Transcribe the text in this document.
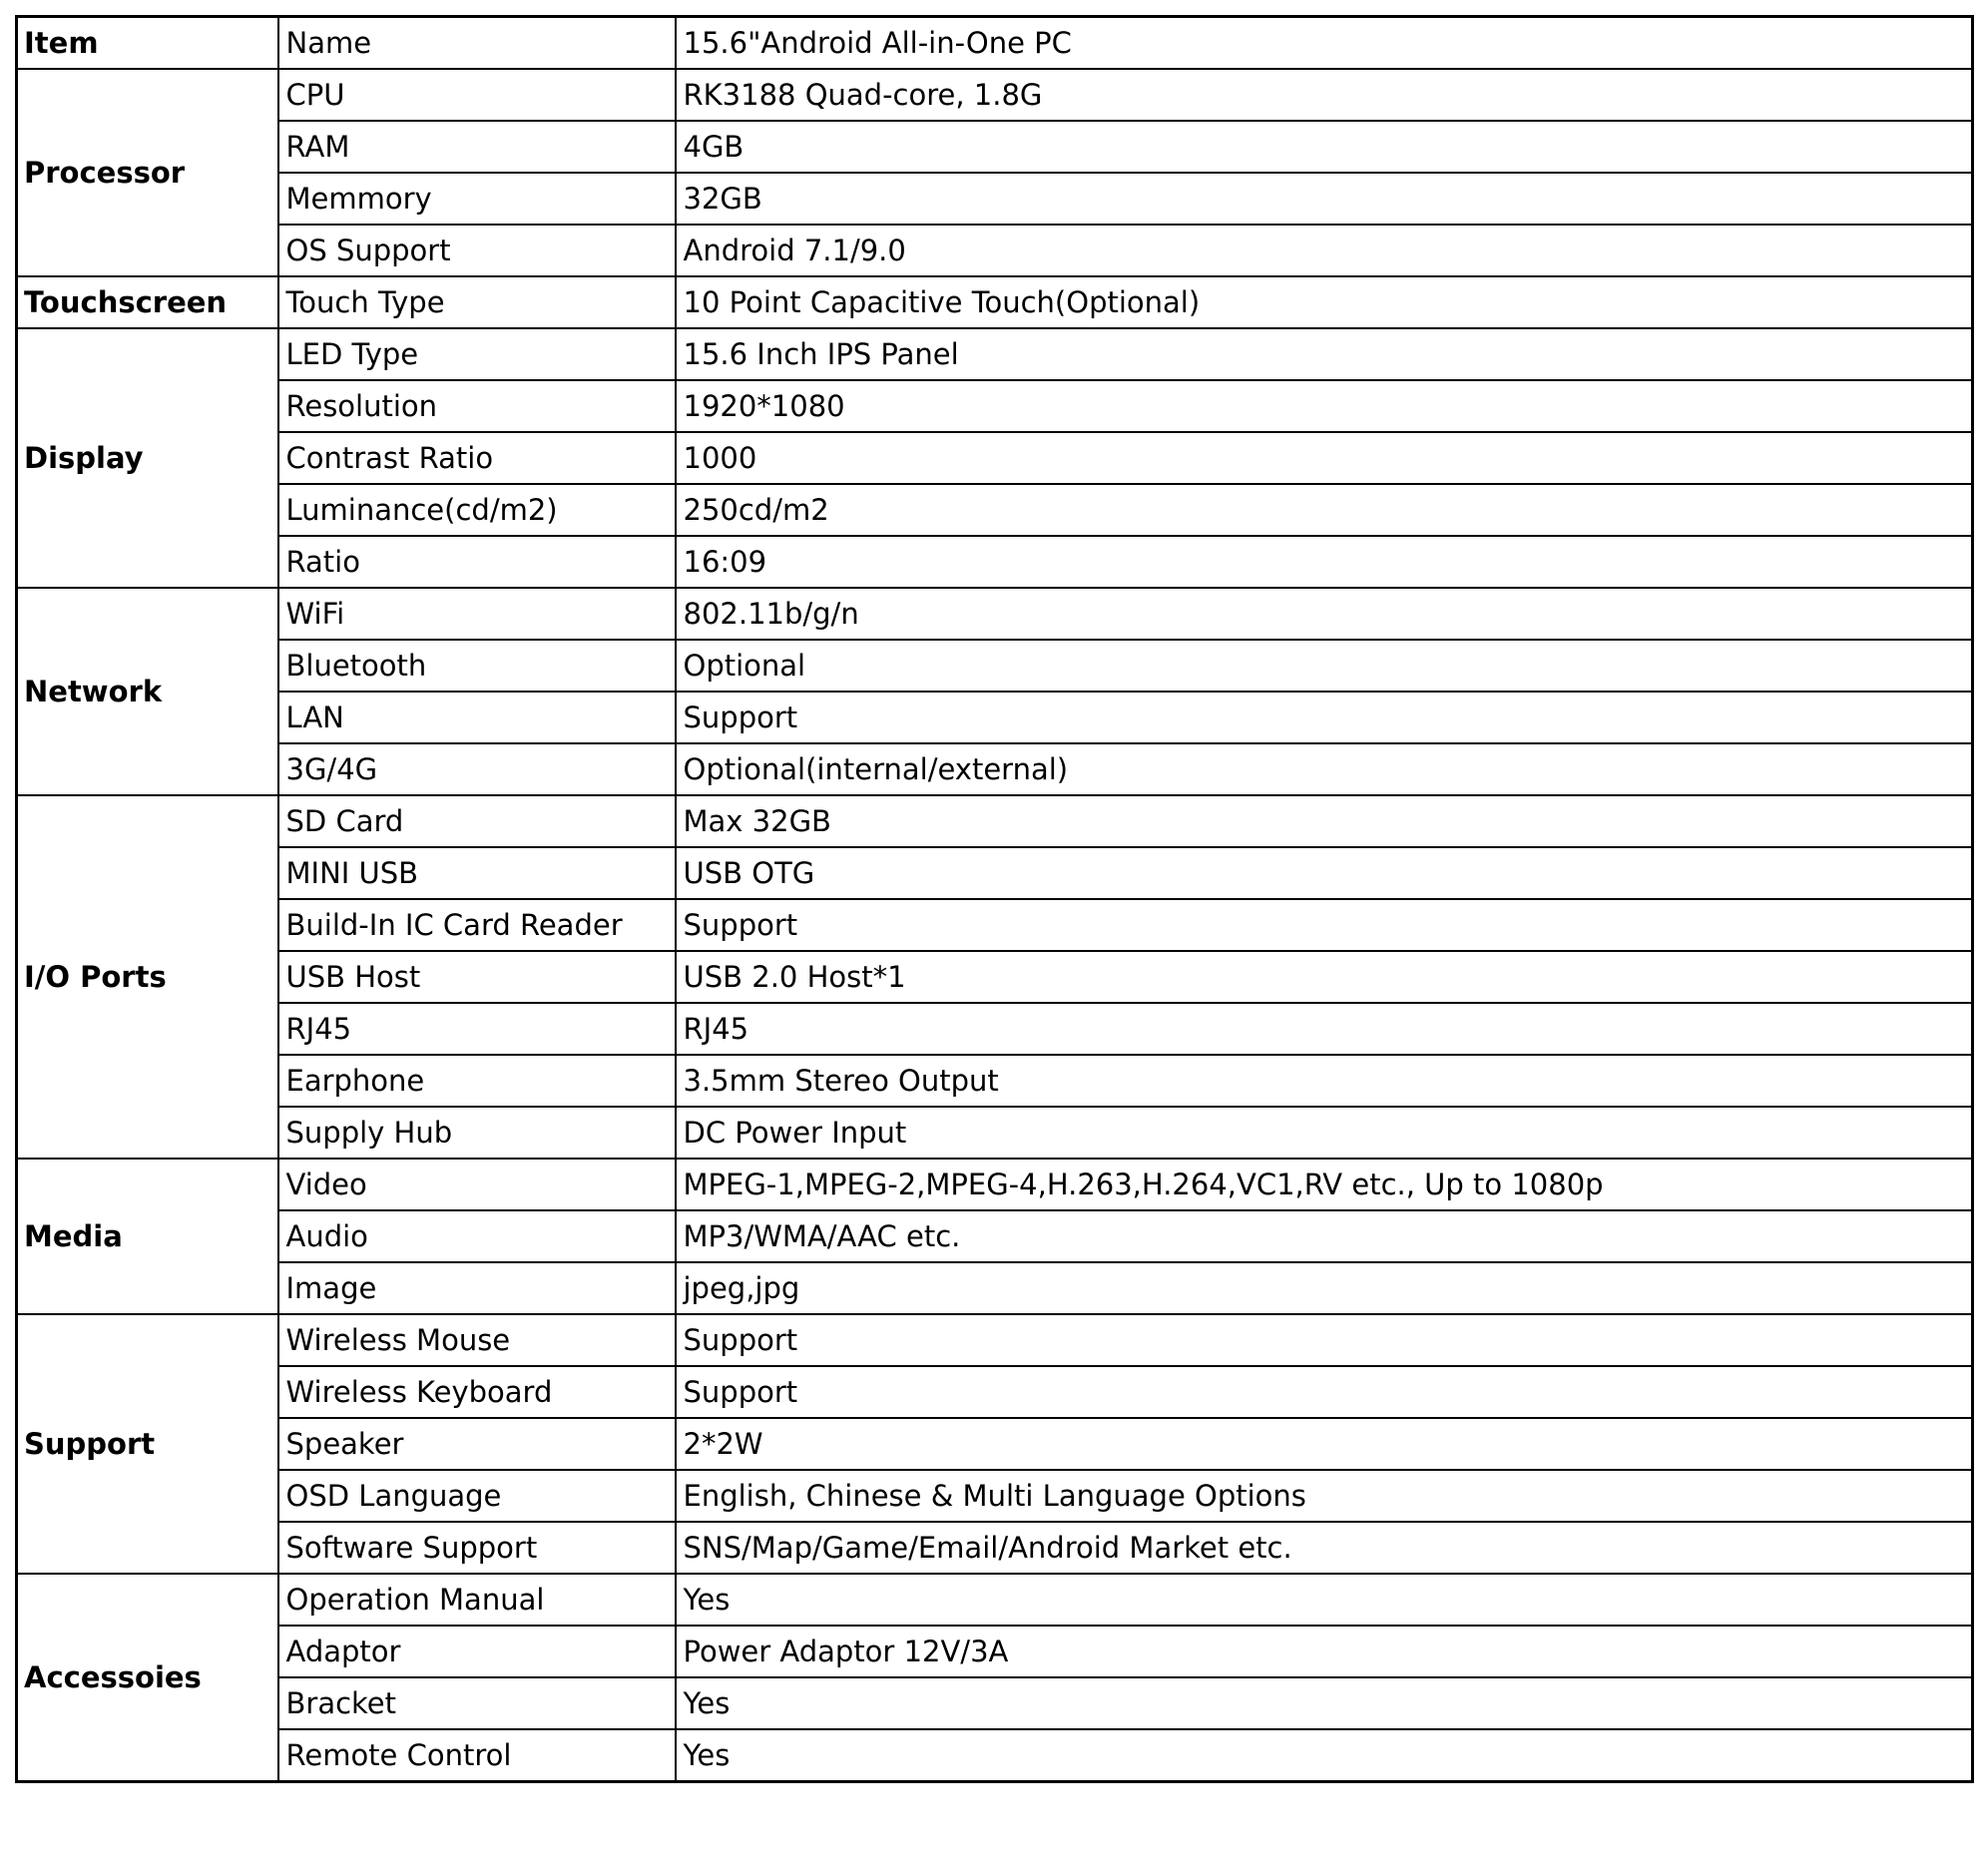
Item	Name	15.6"Android All-in-One PC
Processor	CPU	RK3188 Quad-core, 1.8G
	RAM	4GB
	Memmory	32GB
	OS Support	Android 7.1/9.0
Touchscreen	Touch Type	10 Point Capacitive Touch(Optional)
Display	LED Type	15.6 Inch IPS Panel
	Resolution	1920*1080
	Contrast Ratio	1000
	Luminance(cd/m2)	250cd/m2
	Ratio	16:09
Network	WiFi	802.11b/g/n
	Bluetooth	Optional
	LAN	Support
	3G/4G	Optional(internal/external)
I/O Ports	SD Card	Max 32GB
	MINI USB	USB OTG
	Build-In IC Card Reader	Support
	USB Host	USB 2.0 Host*1
	RJ45	RJ45
	Earphone	3.5mm Stereo Output
	Supply Hub	DC Power Input
Media	Video	MPEG-1,MPEG-2,MPEG-4,H.263,H.264,VC1,RV etc., Up to 1080p
	Audio	MP3/WMA/AAC etc.
	Image	jpeg,jpg
Support	Wireless Mouse	Support
	Wireless Keyboard	Support
	Speaker	2*2W
	OSD Language	English, Chinese & Multi Language Options
	Software Support	SNS/Map/Game/Email/Android Market etc.
Accessoies	Operation Manual	Yes
	Adaptor	Power Adaptor 12V/3A
	Bracket	Yes
	Remote Control	Yes
